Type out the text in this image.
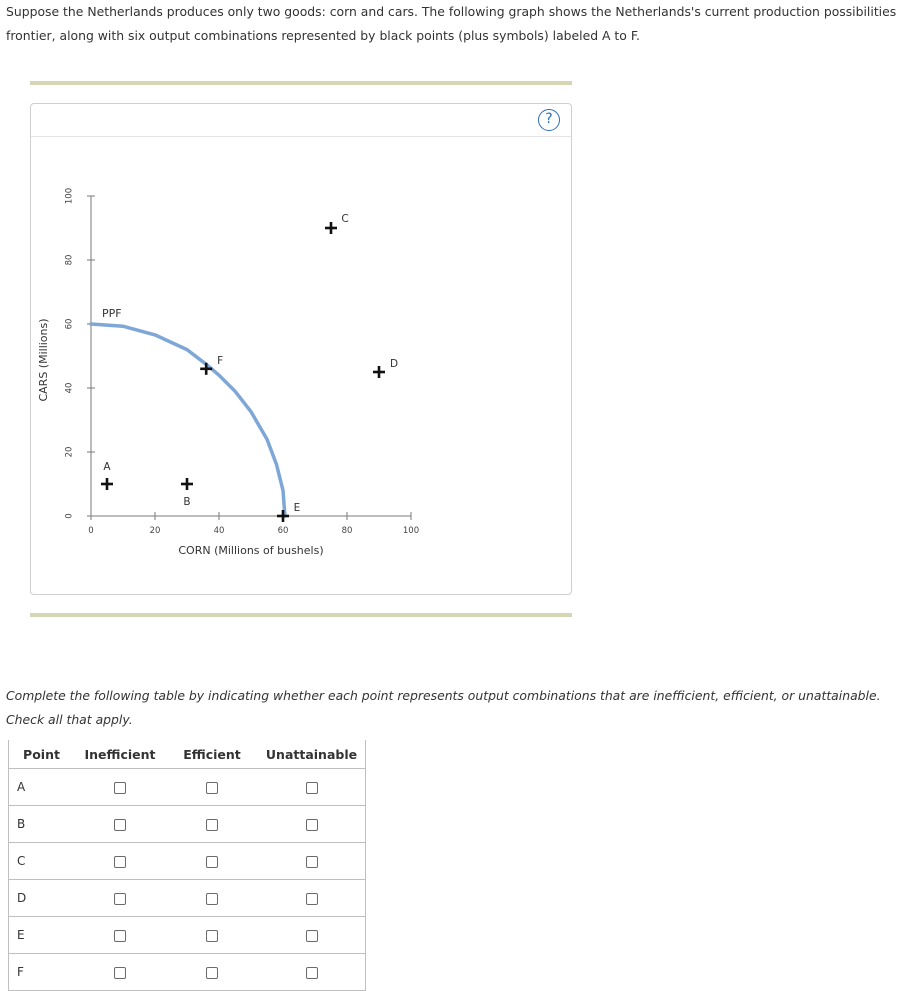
Suppose the Netherlands produces only two goods: corn and cars. The following graph shows the Netherlands's current production possibilities frontier, along with six output combinations represented by black points (plus symbols) labeled A to F.
?
0
20
40
60
80
100
0	20	40	60	80	100
CORN (Millions of bushels)
CARS (Millions)
PPF
A
B
C
D
E
F
Complete the following table by indicating whether each point represents output combinations that are inefficient, efficient, or unattainable. Check all that apply.
Point	Inefficient	Efficient	Unattainable
A			
B			
C			
D			
E			
F			
